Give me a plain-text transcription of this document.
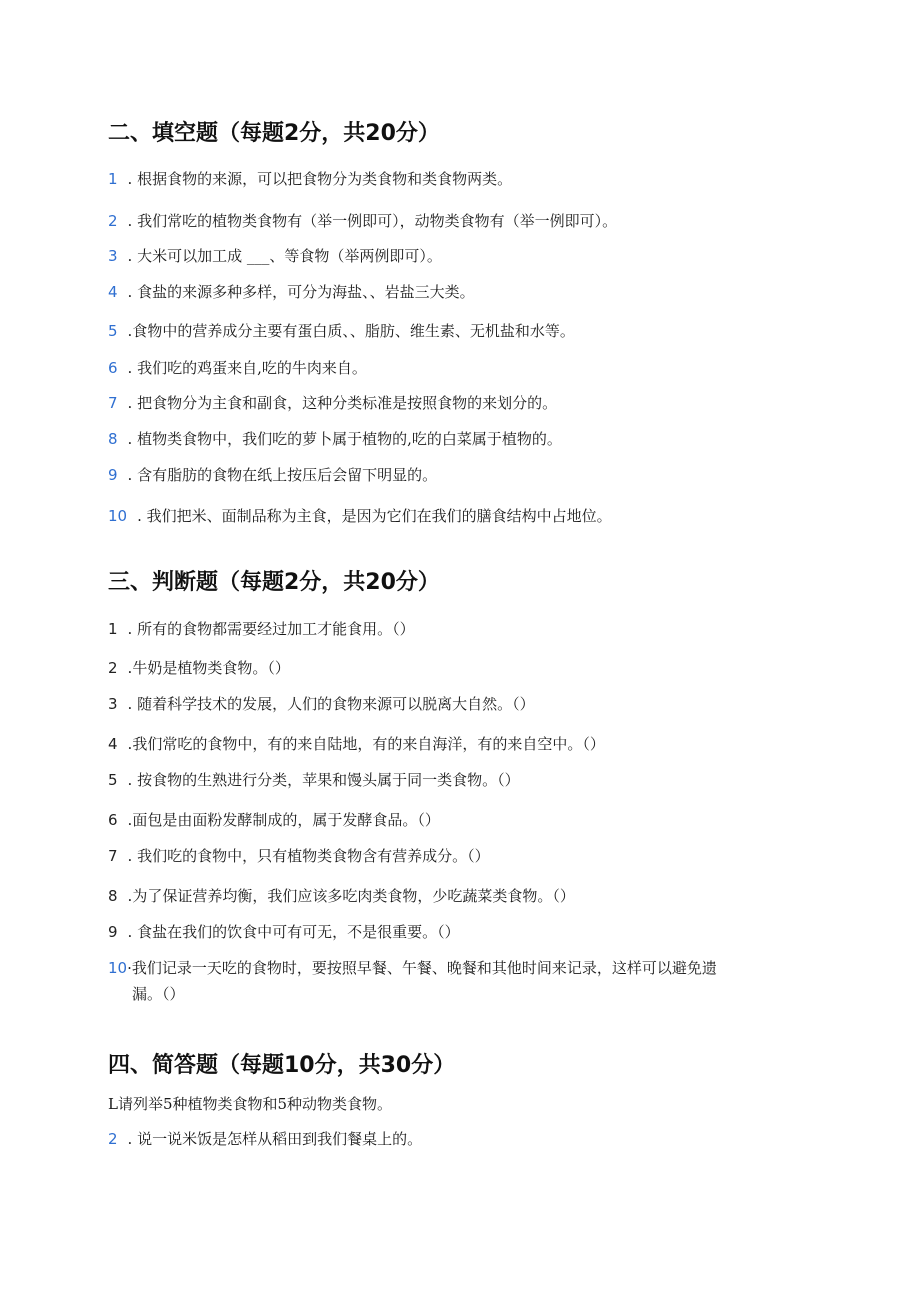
二、填空题（每题2分，共20分）
1 . 根据食物的来源，可以把食物分为类食物和类食物两类。
2 . 我们常吃的植物类食物有（举一例即可），动物类食物有（举一例即可）。
3 . 大米可以加工成 ___、等食物（举两例即可）。
4 . 食盐的来源多种多样，可分为海盐、、岩盐三大类。
5 .食物中的营养成分主要有蛋白质、、脂肪、维生素、无机盐和水等。
6 . 我们吃的鸡蛋来自,吃的牛肉来自。
7 . 把食物分为主食和副食，这种分类标准是按照食物的来划分的。
8 . 植物类食物中，我们吃的萝卜属于植物的,吃的白菜属于植物的。
9 . 含有脂肪的食物在纸上按压后会留下明显的。
10 . 我们把米、面制品称为主食，是因为它们在我们的膳食结构中占地位。
三、判断题（每题2分，共20分）
1 . 所有的食物都需要经过加工才能食用。（）
2 .牛奶是植物类食物。（）
3 . 随着科学技术的发展，人们的食物来源可以脱离大自然。（）
4 .我们常吃的食物中，有的来自陆地，有的来自海洋，有的来自空中。（）
5 . 按食物的生熟进行分类，苹果和馒头属于同一类食物。（）
6 .面包是由面粉发酵制成的，属于发酵食品。（）
7 . 我们吃的食物中，只有植物类食物含有营养成分。（）
8 .为了保证营养均衡，我们应该多吃肉类食物，少吃蔬菜类食物。（）
9 . 食盐在我们的饮食中可有可无，不是很重要。（）
10·我们记录一天吃的食物时，要按照早餐、午餐、晚餐和其他时间来记录，这样可以避免遗
漏。（）
四、简答题（每题10分，共30分）
L请列举5种植物类食物和5种动物类食物。
2 . 说一说米饭是怎样从稻田到我们餐桌上的。
